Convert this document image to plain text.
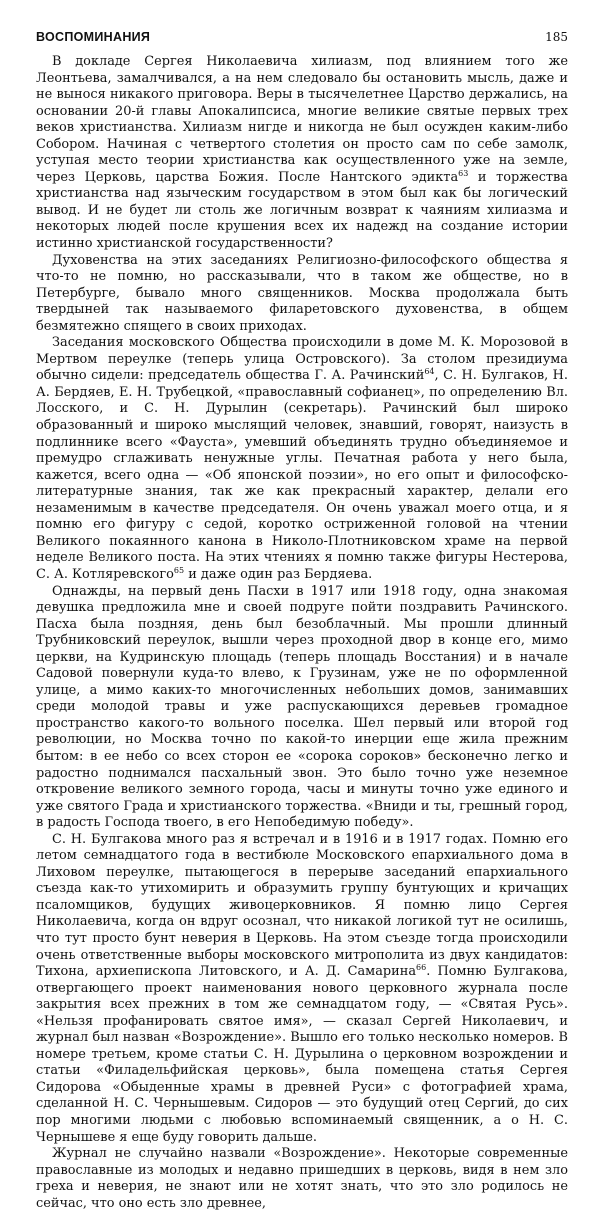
ВОСПОМИНАНИЯ	185

В докладе Сергея Николаевича хилиазм, под влиянием того же Леонтьева, замалчивался, а на нем следовало бы остановить мысль, даже и не вынося никакого приговора. Веры в тысячелетнее Царство держались, на основании 20-й главы Апокалипсиса, многие великие святые первых трех веков христианства. Хилиазм нигде и никогда не был осужден каким-либо Собором. Начиная с четвертого столетия он просто сам по себе замолк, уступая место теории христианства как осуществленного уже на земле, через Церковь, царства Божия. После Нантского эдикта$^{63}$ и торжества христианства над языческим государством в этом был как бы логический вывод. И не будет ли столь же логичным возврат к чаяниям хилиазма и некоторых людей после крушения всех их надежд на создание истории истинно христианской государственности?

Духовенства на этих заседаниях Религиозно-философского общества я что-то не помню, но рассказывали, что в таком же обществе, но в Петербурге, бывало много священников. Москва продолжала быть твердыней так называемого филаретовского духовенства, в общем безмятежно спящего в своих приходах.

Заседания московского Общества происходили в доме М. К. Морозовой в Мертвом переулке (теперь улица Островского). За столом президиума обычно сидели: председатель общества Г. А. Рачинский$^{64}$, С. Н. Булгаков, Н. А. Бердяев, Е. Н. Трубецкой, «православный софианец», по определению Вл. Лосского, и С. Н. Дурылин (секретарь). Рачинский был широко образованный и широко мыслящий человек, знавший, говорят, наизусть в подлиннике всего «Фауста», умевший объединять трудно объединяемое и премудро сглаживать ненужные углы. Печатная работа у него была, кажется, всего одна — «Об японской поэзии», но его опыт и философско-литературные знания, так же как прекрасный характер, делали его незаменимым в качестве председателя. Он очень уважал моего отца, и я помню его фигуру с седой, коротко остриженной головой на чтении Великого покаянного канона в Николо-Плотниковском храме на первой неделе Великого поста. На этих чтениях я помню также фигуры Нестерова, С. А. Котляревского$^{65}$ и даже один раз Бердяева.

Однажды, на первый день Пасхи в 1917 или 1918 году, одна знакомая девушка предложила мне и своей подруге пойти поздравить Рачинского. Пасха была поздняя, день был безоблачный. Мы прошли длинный Трубниковский переулок, вышли через проходной двор в конце его, мимо церкви, на Кудринскую площадь (теперь площадь Восстания) и в начале Садовой повернули куда-то влево, к Грузинам, уже не по оформленной улице, а мимо каких-то многочисленных небольших домов, занимавших среди молодой травы и уже распускающихся деревьев громадное пространство какого-то вольного поселка. Шел первый или второй год революции, но Москва точно по какой-то инерции еще жила прежним бытом: в ее небо со всех сторон ее «сорока сороков» бесконечно легко и радостно поднимался пасхальный звон. Это было точно уже неземное откровение великого земного города, часы и минуты точно уже единого и уже святого Града и христианского торжества. «Вниди и ты, грешный город, в радость Господа твоего, в его Непобедимую победу».

С. Н. Булгакова много раз я встречал и в 1916 и в 1917 годах. Помню его летом семнадцатого года в вестибюле Московского епархиального дома в Лиховом переулке, пытающегося в перерыве заседаний епархиального съезда как-то утихомирить и образумить группу бунтующих и кричащих псаломщиков, будущих живоцерковников. Я помню лицо Сергея Николаевича, когда он вдруг осознал, что никакой логикой тут не осилишь, что тут просто бунт неверия в Церковь. На этом съезде тогда происходили очень ответственные выборы московского митрополита из двух кандидатов: Тихона, архиепископа Литовского, и А. Д. Самарина$^{66}$. Помню Булгакова, отвергающего проект наименования нового церковного журнала после закрытия всех прежних в том же семнадцатом году, — «Святая Русь». «Нельзя профанировать святое имя», — сказал Сергей Николаевич, и журнал был назван «Возрождение». Вышло его только несколько номеров. В номере третьем, кроме статьи С. Н. Дурылина о церковном возрождении и статьи «Филадельфийская церковь», была помещена статья Сергея Сидорова «Обыденные храмы в древней Руси» с фотографией храма, сделанной Н. С. Чернышевым. Сидоров — это будущий отец Сергий, до сих пор многими людьми с любовью вспоминаемый священник, а о Н. С. Чернышеве я еще буду говорить дальше.

Журнал не случайно назвали «Возрождение». Некоторые современные православные из молодых и недавно пришедших в церковь, видя в нем зло греха и неверия, не знают или не хотят знать, что это зло родилось не сейчас, что оно есть зло древнее,
